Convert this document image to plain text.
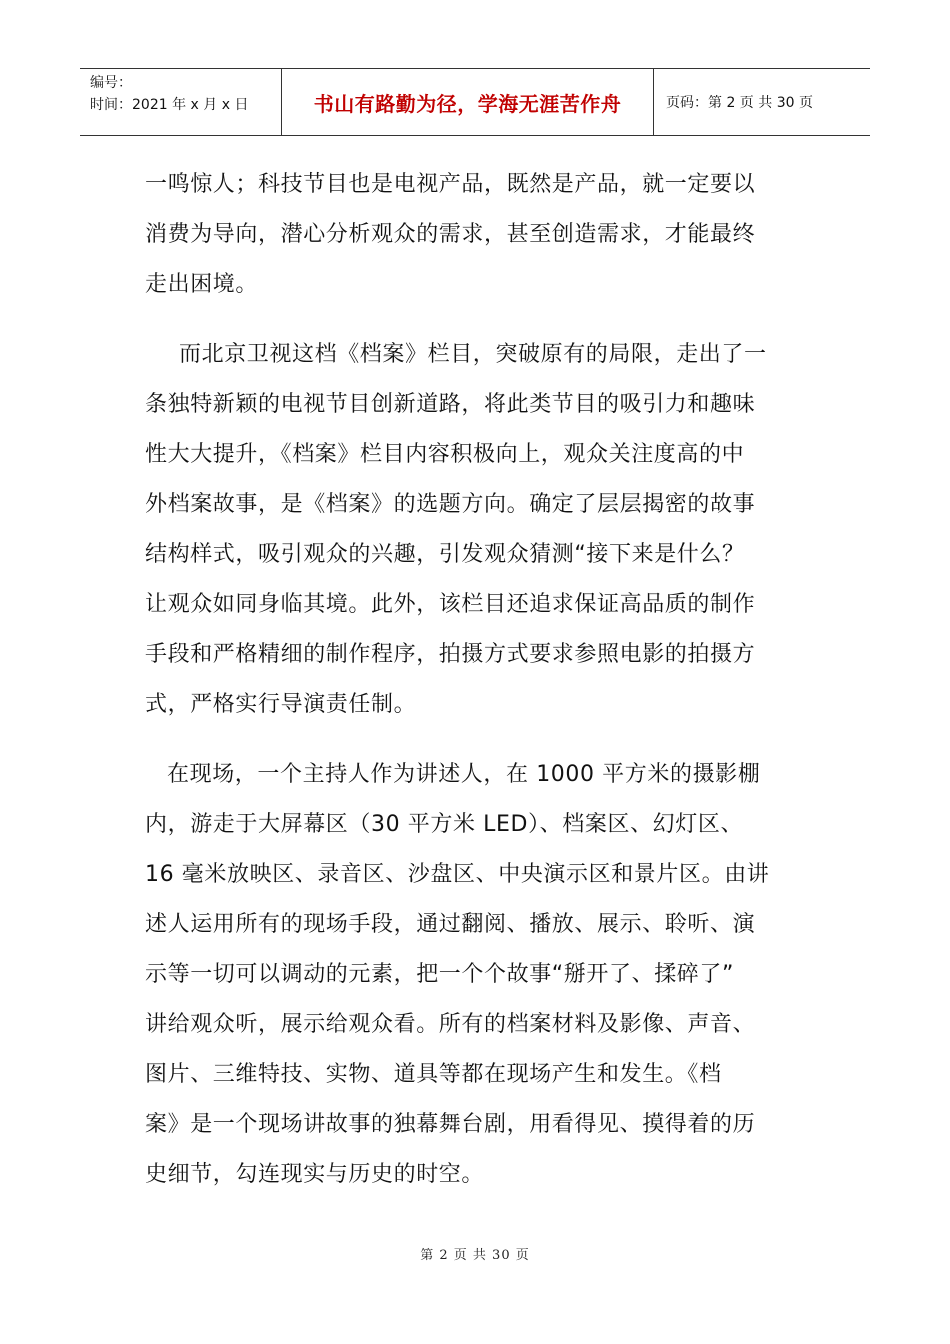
编号：
时间：2021 年 x 月 x 日	书山有路勤为径，学海无涯苦作舟	页码：第 2 页 共 30 页

一鸣惊人；科技节目也是电视产品，既然是产品，就一定要以
消费为导向，潜心分析观众的需求，甚至创造需求，才能最终
走出困境。

而北京卫视这档《档案》栏目，突破原有的局限，走出了一
条独特新颖的电视节目创新道路，将此类节目的吸引力和趣味
性大大提升，《档案》栏目内容积极向上，观众关注度高的中
外档案故事，是《档案》的选题方向。确定了层层揭密的故事
结构样式，吸引观众的兴趣，引发观众猜测“接下来是什么？
让观众如同身临其境。此外，该栏目还追求保证高品质的制作
手段和严格精细的制作程序，拍摄方式要求参照电影的拍摄方
式，严格实行导演责任制。

在现场，一个主持人作为讲述人，在 1000 平方米的摄影棚
内，游走于大屏幕区（30 平方米 LED）、档案区、幻灯区、
16 毫米放映区、录音区、沙盘区、中央演示区和景片区。由讲
述人运用所有的现场手段，通过翻阅、播放、展示、聆听、演
示等一切可以调动的元素，把一个个故事“掰开了、揉碎了”
讲给观众听，展示给观众看。所有的档案材料及影像、声音、
图片、三维特技、实物、道具等都在现场产生和发生。《档
案》是一个现场讲故事的独幕舞台剧，用看得见、摸得着的历
史细节，勾连现实与历史的时空。

第 2 页 共 30 页
